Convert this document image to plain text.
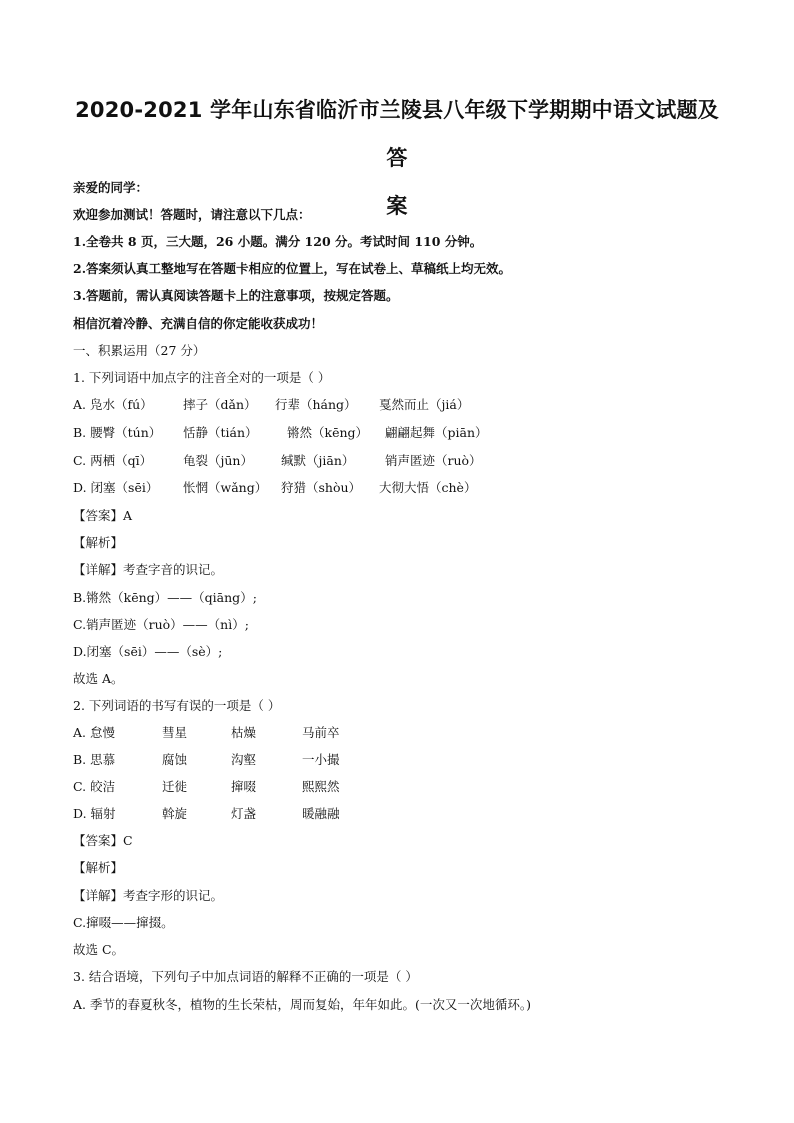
2020-2021 学年山东省临沂市兰陵县八年级下学期期中语文试题及答
案
亲爱的同学：
欢迎参加测试！答题时，请注意以下几点：
1.全卷共 8 页，三大题，26 小题。满分 120 分。考试时间 110 分钟。
2.答案须认真工整地写在答题卡相应的位置上，写在试卷上、草稿纸上均无效。
3.答题前，需认真阅读答题卡上的注意事项，按规定答题。
相信沉着冷静、充满自信的你定能收获成功！
一、积累运用（27 分）
1. 下列词语中加点字的注音全对的一项是（ ）
A. 凫水（fú） 摔子（dǎn） 行辈（háng） 戛然而止（jiá）
B. 腰臀（tún） 恬静（tián） 锵然（kēng） 翩翩起舞（piān）
C. 两栖（qī） 龟裂（jūn） 缄默（jiān） 销声匿迹（ruò）
D. 闭塞（sēi） 怅惘（wǎng） 狩猎（shòu） 大彻大悟（chè）
【答案】A
【解析】
【详解】考查字音的识记。
B.锵然（kēng）——（qiāng）;
C.销声匿迹（ruò）——（nì）;
D.闭塞（sēi）——（sè）;
故选 A。
2. 下列词语的书写有误的一项是（ ）
A. 怠慢	彗星	枯燥	马前卒
B. 思慕	腐蚀	沟壑	一小撮
C. 皎洁	迁徙	撺啜	熙熙然
D. 辐射	斡旋	灯盏	暖融融
【答案】C
【解析】
【详解】考查字形的识记。
C.撺啜——撺掇。
故选 C。
3. 结合语境，下列句子中加点词语的解释不正确的一项是（ ）
A. 季节的春夏秋冬，植物的生长荣枯，周而复始，年年如此。(一次又一次地循环。)
